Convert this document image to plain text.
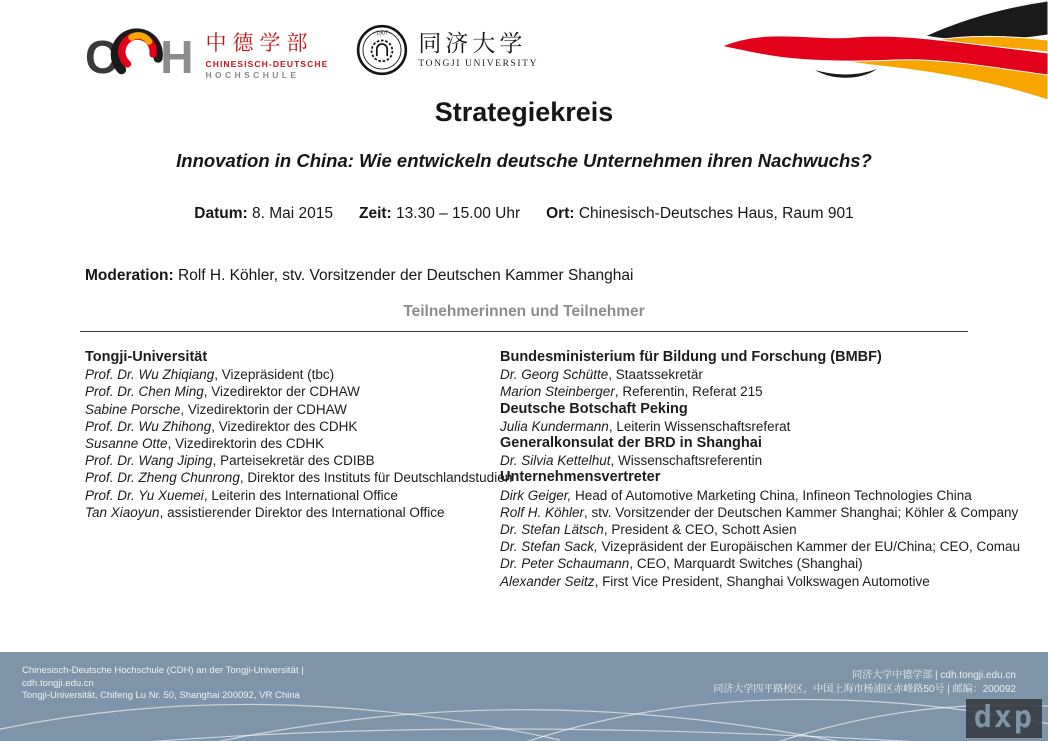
C H 中德学部
CHINESISCH-DEUTSCHE
HOCHSCHULE
1907 同济大学
TONGJI UNIVERSITY
Strategiekreis
Innovation in China: Wie entwickeln deutsche Unternehmen ihren Nachwuchs?
Datum: 8. Mai 2015 Zeit: 13.30 – 15.00 Uhr Ort: Chinesisch-Deutsches Haus, Raum 901
Moderation: Rolf H. Köhler, stv. Vorsitzender der Deutschen Kammer Shanghai
Teilnehmerinnen und Teilnehmer
Tongji-Universität
Prof. Dr. Wu Zhiqiang, Vizepräsident (tbc)
Prof. Dr. Chen Ming, Vizedirektor der CDHAW
Sabine Porsche, Vizedirektorin der CDHAW
Prof. Dr. Wu Zhihong, Vizedirektor des CDHK
Susanne Otte, Vizedirektorin des CDHK
Prof. Dr. Wang Jiping, Parteisekretär des CDIBB
Prof. Dr. Zheng Chunrong, Direktor des Instituts für Deutschlandstudien
Prof. Dr. Yu Xuemei, Leiterin des International Office
Tan Xiaoyun, assistierender Direktor des International Office
Bundesministerium für Bildung und Forschung (BMBF)
Dr. Georg Schütte, Staatssekretär
Marion Steinberger, Referentin, Referat 215
Deutsche Botschaft Peking
Julia Kundermann, Leiterin Wissenschaftsreferat
Generalkonsulat der BRD in Shanghai
Dr. Silvia Kettelhut, Wissenschaftsreferentin
Unternehmensvertreter
Dirk Geiger, Head of Automotive Marketing China, Infineon Technologies China
Rolf H. Köhler, stv. Vorsitzender der Deutschen Kammer Shanghai; Köhler & Company
Dr. Stefan Lätsch, President & CEO, Schott Asien
Dr. Stefan Sack, Vizepräsident der Europäischen Kammer der EU/China; CEO, Comau
Dr. Peter Schaumann, CEO, Marquardt Switches (Shanghai)
Alexander Seitz, First Vice President, Shanghai Volkswagen Automotive
Chinesisch-Deutsche Hochschule (CDH) an der Tongji-Universität |
cdh.tongji.edu.cn
Tongji-Universität, Chifeng Lu Nr. 50, Shanghai 200092, VR China
同济大学中德学部 | cdh.tongji.edu.cn
同济大学四平路校区，中国上海市杨浦区赤峰路50号 | 邮编：200092
dxp
